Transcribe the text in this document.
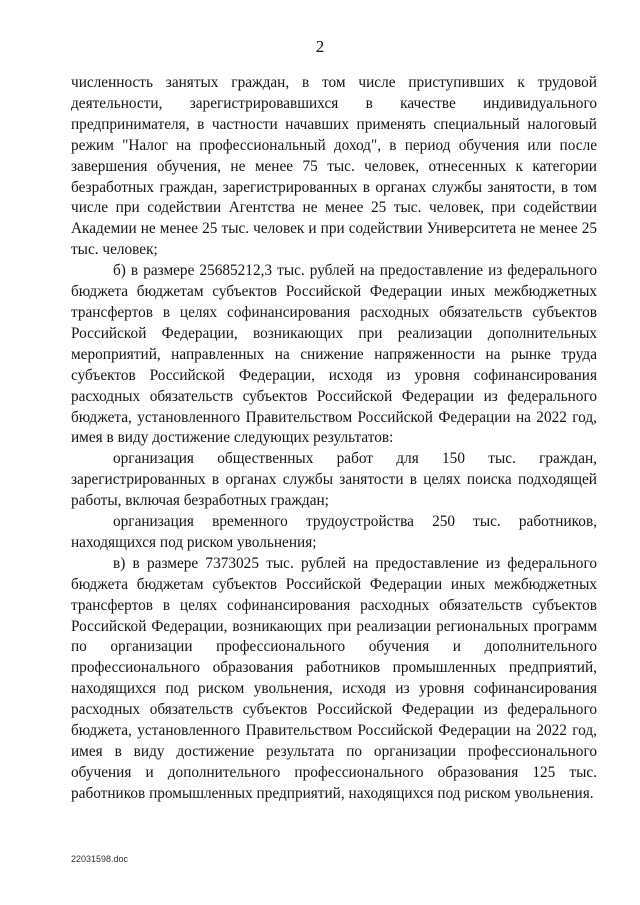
2

численность занятых граждан, в том числе приступивших к трудовой деятельности, зарегистрировавшихся в качестве индивидуального предпринимателя, в частности начавших применять специальный налоговый режим "Налог на профессиональный доход", в период обучения или после завершения обучения, не менее 75 тыс. человек, отнесенных к категории безработных граждан, зарегистрированных в органах службы занятости, в том числе при содействии Агентства не менее 25 тыс. человек, при содействии Академии не менее 25 тыс. человек и при содействии Университета не менее 25 тыс. человек;

б) в размере 25685212,3 тыс. рублей на предоставление из федерального бюджета бюджетам субъектов Российской Федерации иных межбюджетных трансфертов в целях софинансирования расходных обязательств субъектов Российской Федерации, возникающих при реализации дополнительных мероприятий, направленных на снижение напряженности на рынке труда субъектов Российской Федерации, исходя из уровня софинансирования расходных обязательств субъектов Российской Федерации из федерального бюджета, установленного Правительством Российской Федерации на 2022 год, имея в виду достижение следующих результатов:

организация общественных работ для 150 тыс. граждан, зарегистрированных в органах службы занятости в целях поиска подходящей работы, включая безработных граждан;

организация временного трудоустройства 250 тыс. работников, находящихся под риском увольнения;

в) в размере 7373025 тыс. рублей на предоставление из федерального бюджета бюджетам субъектов Российской Федерации иных межбюджетных трансфертов в целях софинансирования расходных обязательств субъектов Российской Федерации, возникающих при реализации региональных программ по организации профессионального обучения и дополнительного профессионального образования работников промышленных предприятий, находящихся под риском увольнения, исходя из уровня софинансирования расходных обязательств субъектов Российской Федерации из федерального бюджета, установленного Правительством Российской Федерации на 2022 год, имея в виду достижение результата по организации профессионального обучения и дополнительного профессионального образования 125 тыс. работников промышленных предприятий, находящихся под риском увольнения.

22031598.doc
